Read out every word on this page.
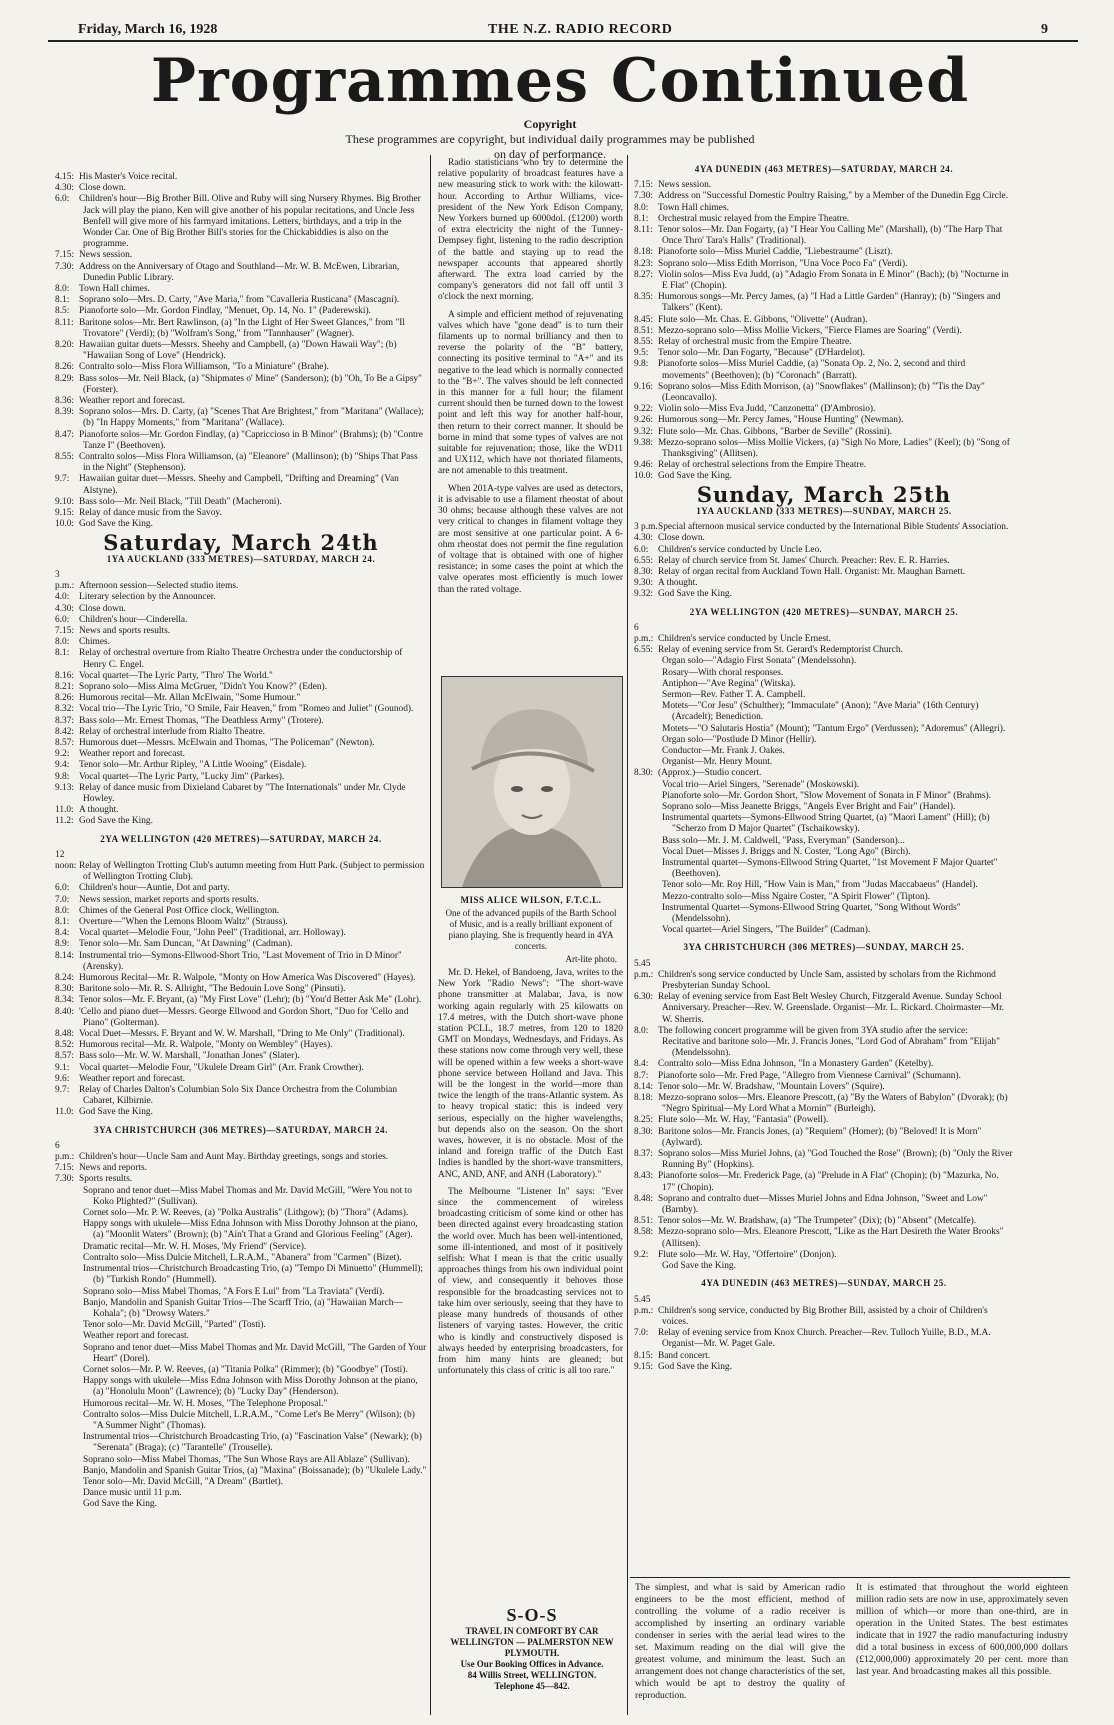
Friday, March 16, 1928	THE N.Z. RADIO RECORD	9
Programmes Continued
Copyright
These programmes are copyright, but individual daily programmes may be published on day of performance.

4.15:His Master's Voice recital.

4.30:Close down.

6.0:Children's hour—Big Brother Bill. Olive and Ruby will sing Nursery Rhymes. Big Brother Jack will play the piano, Ken will give another of his popular recitations, and Uncle Jess Benfell will give more of his farmyard imitations. Letters, birthdays, and a trip in the Wonder Car. One of Big Brother Bill's stories for the Chickabiddies is also on the programme.

7.15:News session.

7.30:Address on the Anniversary of Otago and Southland—Mr. W. B. McEwen, Librarian, Dunedin Public Library.

8.0:Town Hall chimes.

8.1:Soprano solo—Mrs. D. Carty, "Ave Maria," from "Cavalleria Rusticana" (Mascagni).

8.5:Pianoforte solo—Mr. Gordon Findlay, "Menuet, Op. 14, No. 1" (Paderewski).

8.11:Baritone solos—Mr. Bert Rawlinson, (a) "In the Light of Her Sweet Glances," from "Il Trovatore" (Verdi); (b) "Wolfram's Song," from "Tannhauser" (Wagner).

8.20:Hawaiian guitar duets—Messrs. Sheehy and Campbell, (a) "Down Hawaii Way"; (b) "Hawaiian Song of Love" (Hendrick).

8.26:Contralto solo—Miss Flora Williamson, "To a Miniature" (Brahe).

8.29:Bass solos—Mr. Neil Black, (a) "Shipmates o' Mine" (Sanderson); (b) "Oh, To Be a Gipsy" (Forster).

8.36:Weather report and forecast.

8.39:Soprano solos—Mrs. D. Carty, (a) "Scenes That Are Brightest," from "Maritana" (Wallace); (b) "In Happy Moments," from "Maritana" (Wallace).

8.47:Pianoforte solos—Mr. Gordon Findlay, (a) "Capriccioso in B Minor" (Brahms); (b) "Contre Tanze I" (Beethoven).

8.55:Contralto solos—Miss Flora Williamson, (a) "Eleanore" (Mallinson); (b) "Ships That Pass in the Night" (Stephenson).

9.7:Hawaiian guitar duet—Messrs. Sheehy and Campbell, "Drifting and Dreaming" (Van Alstyne).

9.10:Bass solo—Mr. Neil Black, "Till Death" (Macheroni).

9.15:Relay of dance music from the Savoy.

10.0:God Save the King.

Saturday, March 24th
1YA AUCKLAND (333 METRES)—SATURDAY, MARCH 24.

3 p.m.:Afternoon session—Selected studio items.

4.0:Literary selection by the Announcer.

4.30:Close down.

6.0:Children's hour—Cinderella.

7.15:News and sports results.

8.0:Chimes.

8.1:Relay of orchestral overture from Rialto Theatre Orchestra under the conductorship of Henry C. Engel.

8.16:Vocal quartet—The Lyric Party, "Thro' The World."

8.21:Soprano solo—Miss Alma McGruer, "Didn't You Know?" (Eden).

8.26:Humorous recital—Mr. Allan McElwain, "Some Humour."

8.32:Vocal trio—The Lyric Trio, "O Smile, Fair Heaven," from "Romeo and Juliet" (Gounod).

8.37:Bass solo—Mr. Ernest Thomas, "The Deathless Army" (Trotere).

8.42:Relay of orchestral interlude from Rialto Theatre.

8.57:Humorous duet—Messrs. McElwain and Thomas, "The Policeman" (Newton).

9.2:Weather report and forecast.

9.4:Tenor solo—Mr. Arthur Ripley, "A Little Wooing" (Eisdale).

9.8:Vocal quartet—The Lyric Party, "Lucky Jim" (Parkes).

9.13:Relay of dance music from Dixieland Cabaret by "The Internationals" under Mr. Clyde Howley.

11.0:A thought.

11.2:God Save the King.

2YA WELLINGTON (420 METRES)—SATURDAY, MARCH 24.

12 noon:Relay of Wellington Trotting Club's autumn meeting from Hutt Park. (Subject to permission of Wellington Trotting Club).

6.0:Children's hour—Auntie, Dot and party.

7.0:News session, market reports and sports results.

8.0:Chimes of the General Post Office clock, Wellington.

8.1:Overture—"When the Lemons Bloom Waltz" (Strauss).

8.4:Vocal quartet—Melodie Four, "John Peel" (Traditional, arr. Holloway).

8.9:Tenor solo—Mr. Sam Duncan, "At Dawning" (Cadman).

8.14:Instrumental trio—Symons-Ellwood-Short Trio, "Last Movement of Trio in D Minor" (Arensky).

8.24:Humorous Recital—Mr. R. Walpole, "Monty on How America Was Discovered" (Hayes).

8.30:Baritone solo—Mr. R. S. Allright, "The Bedouin Love Song" (Pinsuti).

8.34:Tenor solos—Mr. F. Bryant, (a) "My First Love" (Lehr); (b) "You'd Better Ask Me" (Lohr).

8.40:'Cello and piano duet—Messrs. George Ellwood and Gordon Short, "Duo for 'Cello and Piano" (Golterman).

8.48:Vocal Duet—Messrs. F. Bryant and W. W. Marshall, "Dring to Me Only" (Traditional).

8.52:Humorous recital—Mr. R. Walpole, "Monty on Wembley" (Hayes).

8.57:Bass solo—Mr. W. W. Marshall, "Jonathan Jones" (Slater).

9.1:Vocal quartet—Melodie Four, "Ukulele Dream Girl" (Arr. Frank Crowther).

9.6:Weather report and forecast.

9.7:Relay of Charles Dalton's Columbian Solo Six Dance Orchestra from the Columbian Cabaret, Kilbirnie.

11.0:God Save the King.

3YA CHRISTCHURCH (306 METRES)—SATURDAY, MARCH 24.

6 p.m.:Children's hour—Uncle Sam and Aunt May. Birthday greetings, songs and stories.

7.15:News and reports.

7.30:Sports results.

Soprano and tenor duet—Miss Mabel Thomas and Mr. David McGill, "Were You not to Koko Plighted?" (Sullivan).

Cornet solo—Mr. P. W. Reeves, (a) "Polka Australis" (Lithgow); (b) "Thora" (Adams).

Happy songs with ukulele—Miss Edna Johnson with Miss Dorothy Johnson at the piano, (a) "Moonlit Waters" (Brown); (b) "Ain't That a Grand and Glorious Feeling" (Ager).

Dramatic recital—Mr. W. H. Moses, 'My Friend" (Service).

Contralto solo—Miss Dulcie Mitchell, L.R.A.M., "Abanera" from "Carmen" (Bizet).

Instrumental trios—Christchurch Broadcasting Trio, (a) "Tempo Di Minuetto" (Hummell); (b) "Turkish Rondo" (Hummell).

Soprano solo—Miss Mabel Thomas, "A Fors E Lui" from "La Traviata" (Verdi).

Banjo, Mandolin and Spanish Guitar Trios—The Scarff Trio, (a) "Hawaiian March—Kohala"; (b) "Drowsy Waters."

Tenor solo—Mr. David McGill, "Parted" (Tosti).

Weather report and forecast.

Soprano and tenor duet—Miss Mabel Thomas and Mr. David McGill, "The Garden of Your Heart" (Dorel).

Cornet solos—Mr. P. W. Reeves, (a) "Titania Polka" (Rimmer); (b) "Goodbye" (Tosti).

Happy songs with ukulele—Miss Edna Johnson with Miss Dorothy Johnson at the piano, (a) "Honolulu Moon" (Lawrence); (b) "Lucky Day" (Henderson).

Humorous recital—Mr. W. H. Moses, "The Telephone Proposal."

Contralto solos—Miss Dulcie Mitchell, L.R.A.M., "Come Let's Be Merry" (Wilson); (b) "A Summer Night" (Thomas).

Instrumental trios—Christchurch Broadcasting Trio, (a) "Fascination Valse" (Newark); (b) "Serenata" (Braga); (c) "Tarantelle" (Trouselle).

Soprano solo—Miss Mabel Thomas, "The Sun Whose Rays are All Ablaze" (Sullivan).

Banjo, Mandolin and Spanish Guitar Trios, (a) "Maxina" (Boissanade); (b) "Ukulele Lady."

Tenor solo—Mr. David McGill, "A Dream" (Bartlet).

Dance music until 11 p.m.

God Save the King.

Radio statisticians who try to determine the relative popularity of broadcast features have a new measuring stick to work with: the kilowatt-hour. According to Arthur Williams, vice-president of the New York Edison Company, New Yorkers burned up 6000dol. (£1200) worth of extra electricity the night of the Tunney-Dempsey fight, listening to the radio description of the battle and staying up to read the newspaper accounts that appeared shortly afterward. The extra load carried by the company's generators did not fall off until 3 o'clock the next morning.

A simple and efficient method of rejuvenating valves which have "gone dead" is to turn their filaments up to normal brilliancy and then to reverse the polarity of the "B" battery, connecting its positive terminal to "A+" and its negative to the lead which is normally connected to the "B+". The valves should be left connected in this manner for a full hour; the filament current should then be turned down to the lowest point and left this way for another half-hour, then return to their correct manner. It should be borne in mind that some types of valves are not suitable for rejuvenation; those, like the WD11 and UX112, which have not thoriated filaments, are not amenable to this treatment.

When 201A-type valves are used as detectors, it is advisable to use a filament rheostat of about 30 ohms; because although these valves are not very critical to changes in filament voltage they are most sensitive at one particular point. A 6-ohm rheostat does not permit the fine regulation of voltage that is obtained with one of higher resistance; in some cases the point at which the valve operates most efficiently is much lower than the rated voltage.

MISS ALICE WILSON, F.T.C.L.
One of the advanced pupils of the Barth School of Music, and is a really brilliant exponent of piano playing. She is frequently heard in 4YA concerts.
Art-lite photo.

Mr. D. Hekel, of Bandoeng, Java, writes to the New York "Radio News": "The short-wave phone transmitter at Malabar, Java, is now working again regularly with 25 kilowatts on 17.4 metres, with the Dutch short-wave phone station PCLL, 18.7 metres, from 120 to 1820 GMT on Mondays, Wednesdays, and Fridays. As these stations now come through very well, these will be opened within a few weeks a short-wave phone service between Holland and Java. This will be the longest in the world—more than twice the length of the trans-Atlantic system. As to heavy tropical static: this is indeed very serious, especially on the higher wavelengths, but depends also on the season. On the short waves, however, it is no obstacle. Most of the inland and foreign traffic of the Dutch East Indies is handled by the short-wave transmitters, ANC, AND, ANF, and ANH (Laboratory)."

The Melbourne "Listener In" says: "Ever since the commencement of wireless broadcasting criticism of some kind or other has been directed against every broadcasting station the world over. Much has been well-intentioned, some ill-intentioned, and most of it positively selfish: What I mean is that the critic usually approaches things from his own individual point of view, and consequently it behoves those responsible for the broadcasting services not to take him over seriously, seeing that they have to please many hundreds of thousands of other listeners of varying tastes. However, the critic who is kindly and constructively disposed is always heeded by enterprising broadcasters, for from him many hints are gleaned; but unfortunately this class of critic is all too rare."

S-O-S
TRAVEL IN COMFORT BY CAR
WELLINGTON — PALMERSTON NEW PLYMOUTH.
Use Our Booking Offices in Advance.
84 Willis Street, WELLINGTON.
Telephone 45—842.
4YA DUNEDIN (463 METRES)—SATURDAY, MARCH 24.

7.15:News session.

7.30:Address on "Successful Domestic Poultry Raising," by a Member of the Dunedin Egg Circle.

8.0:Town Hall chimes.

8.1:Orchestral music relayed from the Empire Theatre.

8.11:Tenor solos—Mr. Dan Fogarty, (a) "I Hear You Calling Me" (Marshall), (b) "The Harp That Once Thro' Tara's Halls" (Traditional).

8.18:Pianoforte solo—Miss Muriel Caddie, "Liebestraume" (Liszt).

8.23:Soprano solo—Miss Edith Morrison, "Una Voce Poco Fa" (Verdi).

8.27:Violin solos—Miss Eva Judd, (a) "Adagio From Sonata in E Minor" (Bach); (b) "Nocturne in E Flat" (Chopin).

8.35:Humorous songs—Mr. Percy James, (a) "I Had a Little Garden" (Hanray); (b) "Singers and Talkers" (Kent).

8.45:Flute solo—Mr. Chas. E. Gibbons, "Olivette" (Audran).

8.51:Mezzo-soprano solo—Miss Mollie Vickers, "Fierce Flames are Soaring" (Verdi).

8.55:Relay of orchestral music from the Empire Theatre.

9.5:Tenor solo—Mr. Dan Fogarty, "Because" (D'Hardelot).

9.8:Pianoforte solos—Miss Muriel Caddie, (a) "Sonata Op. 2, No. 2, second and third movements" (Beethoven); (b) "Coronach" (Barratt).

9.16:Soprano solos—Miss Edith Morrison, (a) "Snowflakes" (Mallinson); (b) "'Tis the Day" (Leoncavallo).

9.22:Violin solo—Miss Eva Judd, "Canzonetta" (D'Ambrosio).

9.26:Humorous song—Mr. Percy James, "House Hunting" (Newman).

9.32:Flute solo—Mr. Chas. Gibbons, "Barber de Seville" (Rossini).

9.38:Mezzo-soprano solos—Miss Mollie Vickers, (a) "Sigh No More, Ladies" (Keel); (b) "Song of Thanksgiving" (Allitsen).

9.46:Relay of orchestral selections from the Empire Theatre.

10.0:God Save the King.

Sunday, March 25th
1YA AUCKLAND (333 METRES)—SUNDAY, MARCH 25.

3 p.m.Special afternoon musical service conducted by the International Bible Students' Association.

4.30:Close down.

6.0:Children's service conducted by Uncle Leo.

6.55:Relay of church service from St. James' Church. Preacher: Rev. E. R. Harries.

8.30:Relay of organ recital from Auckland Town Hall. Organist: Mr. Maughan Barnett.

9.30:A thought.

9.32:God Save the King.

2YA WELLINGTON (420 METRES)—SUNDAY, MARCH 25.

6 p.m.:Children's service conducted by Uncle Ernest.

6.55:Relay of evening service from St. Gerard's Redemptorist Church.

Organ solo—"Adagio First Sonata" (Mendelssohn).

Rosary—With choral responses.

Antiphon—"Ave Regina" (Witska).

Sermon—Rev. Father T. A. Campbell.

Motets—"Cor Jesu" (Schulther); "Immaculate" (Anon); "Ave Maria" (16th Century) (Arcadelt); Benediction.

Motets—"O Salutaris Hostia" (Mount); "Tantum Ergo" (Verdussen); "Adoremus" (Allegri).

Organ solo—"Postlude D Minor (Hellir).

Conductor—Mr. Frank J. Oakes.

Organist—Mr. Henry Mount.

8.30:(Approx.)—Studio concert.

Vocal trio—Ariel Singers, "Serenade" (Moskowski).

Pianoforte solo—Mr. Gordon Short, "Slow Movement of Sonata in F Minor" (Brahms).

Soprano solo—Miss Jeanette Briggs, "Angels Ever Bright and Fair" (Handel).

Instrumental quartets—Symons-Ellwood String Quartet, (a) "Maori Lament" (Hill); (b) "Scherzo from D Major Quartet" (Tschaikowsky).

Bass solo—Mr. J. M. Caldwell, "Pass, Everyman" (Sanderson)...

Vocal Duet—Misses J. Briggs and N. Coster, "Long Ago" (Birch).

Instrumental quartet—Symons-Ellwood String Quartet, "1st Movement F Major Quartet" (Beethoven).

Tenor solo—Mr. Roy Hill, "How Vain is Man," from "Judas Maccabaeus" (Handel).

Mezzo-contralto solo—Miss Ngaire Coster, "A Spirit Flower" (Tipton).

Instrumental Quartet—Symons-Ellwood String Quartet, "Song Without Words" (Mendelssohn).

Vocal quartet—Ariel Singers, "The Builder" (Cadman).

3YA CHRISTCHURCH (306 METRES)—SUNDAY, MARCH 25.

5.45 p.m.:Children's song service conducted by Uncle Sam, assisted by scholars from the Richmond Presbyterian Sunday School.

6.30:Relay of evening service from East Belt Wesley Church, Fitzgerald Avenue. Sunday School Anniversary. Preacher—Rev. W. Greenslade. Organist—Mr. L. Rickard. Choirmaster—Mr. W. Sherris.

8.0:The following concert programme will be given from 3YA studio after the service:

Recitative and baritone solo—Mr. J. Francis Jones, "Lord God of Abraham" from "Elijah" (Mendelssohn).

8.4:Contralto solo—Miss Edna Johnson, "In a Monastery Garden" (Ketelby).

8.7:Pianoforte solo—Mr. Fred Page, "Allegro from Viennese Carnival" (Schumann).

8.14:Tenor solo—Mr. W. Bradshaw, "Mountain Lovers" (Squire).

8.18:Mezzo-soprano solos—Mrs. Eleanore Prescott, (a) "By the Waters of Babylon" (Dvorak); (b) "Negro Spiritual—My Lord What a Mornin'" (Burleigh).

8.25:Flute solo—Mr. W. Hay, "Fantasia" (Powell).

8.30:Baritone solos—Mr. Francis Jones, (a) "Requiem" (Homer); (b) "Beloved! It is Morn" (Aylward).

8.37:Soprano solos—Miss Muriel Johns, (a) "God Touched the Rose" (Brown); (b) "Only the River Running By" (Hopkins).

8.43:Pianoforte solos—Mr. Frederick Page, (a) "Prelude in A Flat" (Chopin); (b) "Mazurka, No. 17" (Chopin).

8.48:Soprano and contralto duet—Misses Muriel Johns and Edna Johnson, "Sweet and Low" (Barnby).

8.51:Tenor solos—Mr. W. Bradshaw, (a) "The Trumpeter" (Dix); (b) "Absent" (Metcalfe).

8.58:Mezzo-soprano solo—Mrs. Eleanore Prescott, "Like as the Hart Desireth the Water Brooks" (Allitsen).

9.2:Flute solo—Mr. W. Hay, "Offertoire" (Donjon).

God Save the King.

4YA DUNEDIN (463 METRES)—SUNDAY, MARCH 25.

5.45 p.m.:Children's song service, conducted by Big Brother Bill, assisted by a choir of Children's voices.

7.0:Relay of evening service from Knox Church. Preacher—Rev. Tulloch Yuille, B.D., M.A. Organist—Mr. W. Paget Gale.

8.15:Band concert.

9.15:God Save the King.

The simplest, and what is said by American radio engineers to be the most efficient, method of controlling the volume of a radio receiver is accomplished by inserting an ordinary variable condenser in series with the aerial lead wires to the set. Maximum reading on the dial will give the greatest volume, and minimum the least. Such an arrangement does not change characteristics of the set, which would be apt to destroy the quality of reproduction.
It is estimated that throughout the world eighteen million radio sets are now in use, approximately seven million of which—or more than one-third, are in operation in the United States. The best estimates indicate that in 1927 the radio manufacturing industry did a total business in excess of 600,000,000 dollars (£12,000,000) approximately 20 per cent. more than last year. And broadcasting makes all this possible.
